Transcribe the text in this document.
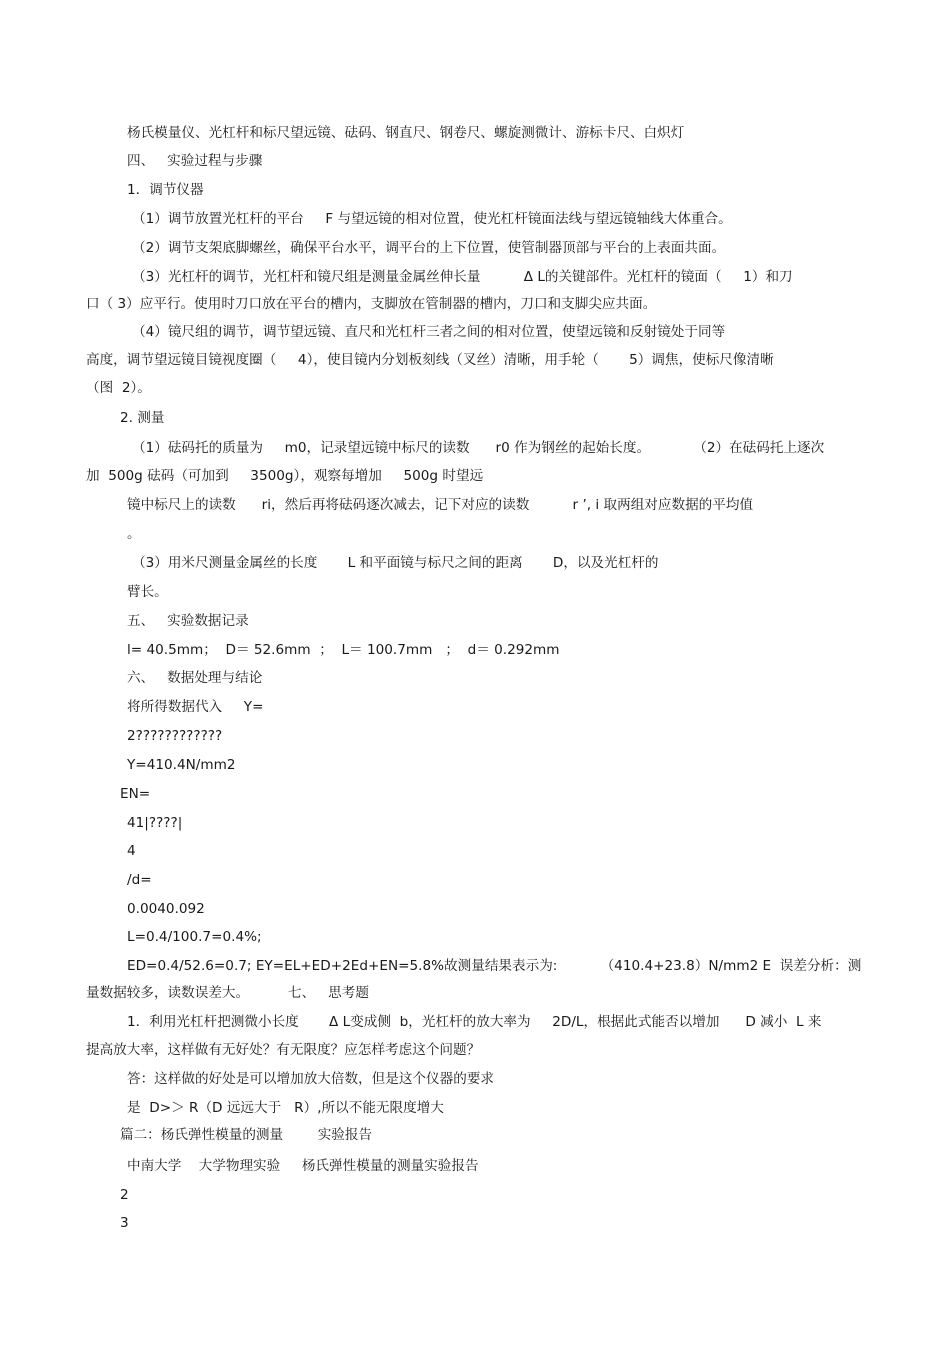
杨氏模量仪、光杠杆和标尺望远镜、砝码、钢直尺、钢卷尺、螺旋测微计、游标卡尺、白炽灯
四、   实验过程与步骤
1．调节仪器
（1）调节放置光杠杆的平台     F 与望远镜的相对位置，使光杠杆镜面法线与望远镜轴线大体重合。
（2）调节支架底脚螺丝，确保平台水平，调平台的上下位置，使管制器顶部与平台的上表面共面。
（3）光杠杆的调节，光杠杆和镜尺组是测量金属丝伸长量          Δ L的关键部件。光杠杆的镜面（     1）和刀
口（ 3）应平行。使用时刀口放在平台的槽内，支脚放在管制器的槽内，刀口和支脚尖应共面。
（4）镜尺组的调节，调节望远镜、直尺和光杠杆三者之间的相对位置，使望远镜和反射镜处于同等
高度，调节望远镜目镜视度圈（     4），使目镜内分划板刻线（叉丝）清晰，用手轮（       5）调焦，使标尺像清晰
（图  2）。
2. 测量
（1）砝码托的质量为     m0，记录望远镜中标尺的读数      r0 作为钢丝的起始长度。          （2）在砝码托上逐次
加  500g 砝码（可加到     3500g），观察每增加     500g 时望远
镜中标尺上的读数      ri，然后再将砝码逐次减去，记下对应的读数          r ’, i 取两组对应数据的平均值
。
（3）用米尺测量金属丝的长度       L 和平面镜与标尺之间的距离       D，以及光杠杆的
臂长。
五、   实验数据记录
l= 40.5mm；  D＝ 52.6mm  ；  L＝ 100.7mm   ；  d＝ 0.292mm
六、   数据处理与结论
将所得数据代入     Y=
2????????????
Y=410.4N/mm2
EN=
41|????|
4
/d=
0.0040.092
L=0.4/100.7=0.4%;
ED=0.4/52.6=0.7; EY=EL+ED+2Ed+EN=5.8%故测量结果表示为:          （410.4+23.8）N/mm2 E  误差分析：测
量数据较多，读数误差大。         七、   思考题
1．利用光杠杆把测微小长度       Δ L变成侧  b，光杠杆的放大率为     2D/L，根据此式能否以增加      D 减小  L 来
提高放大率，这样做有无好处？有无限度？应怎样考虑这个问题？
答：这样做的好处是可以增加放大倍数，但是这个仪器的要求
是  D>＞ R（D 远远大于   R）,所以不能无限度增大
篇二：杨氏弹性模量的测量        实验报告
中南大学    大学物理实验     杨氏弹性模量的测量实验报告
2
3
